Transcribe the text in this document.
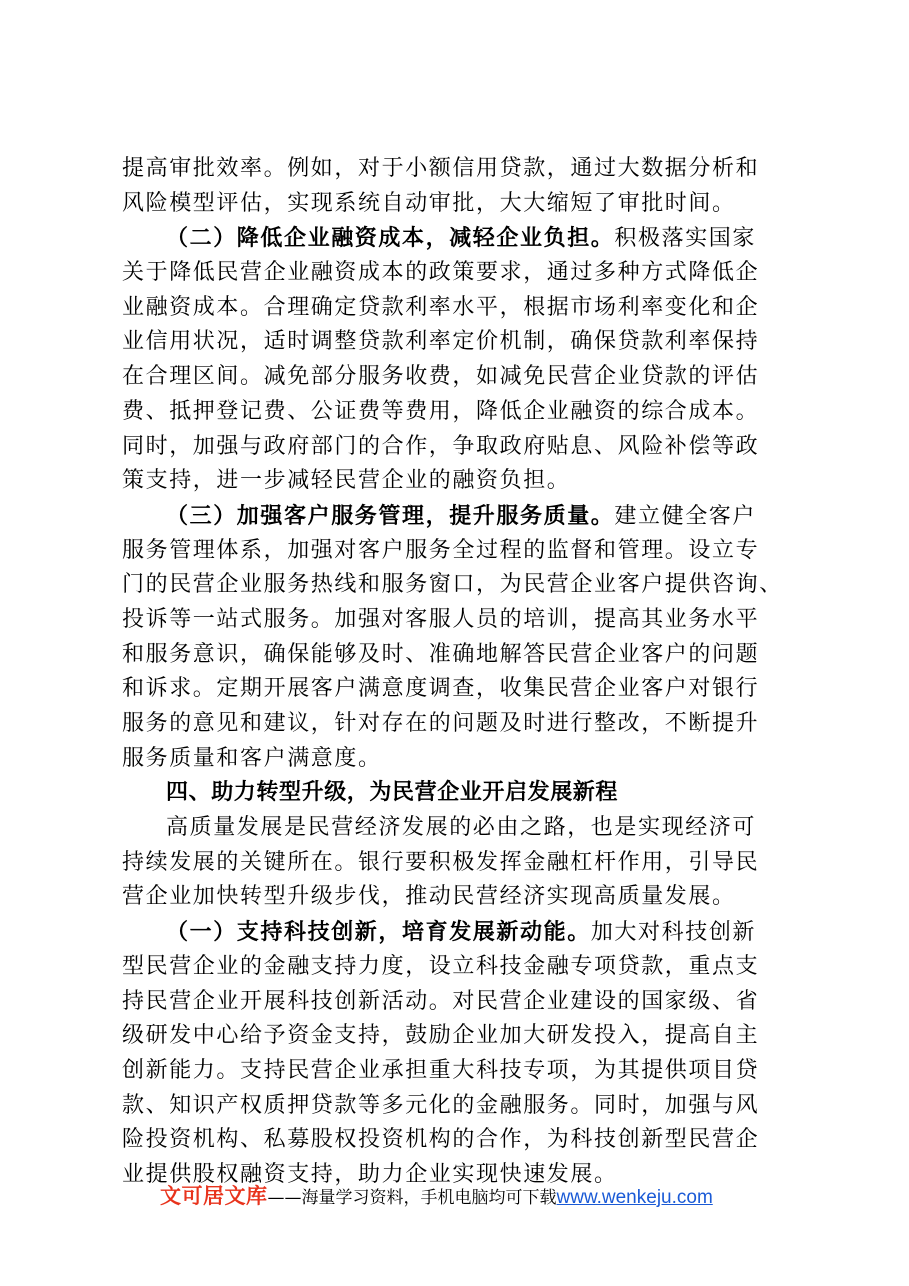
提高审批效率。例如，对于小额信用贷款，通过大数据分析和
风险模型评估，实现系统自动审批，大大缩短了审批时间。
（二）降低企业融资成本，减轻企业负担。积极落实国家
关于降低民营企业融资成本的政策要求，通过多种方式降低企
业融资成本。合理确定贷款利率水平，根据市场利率变化和企
业信用状况，适时调整贷款利率定价机制，确保贷款利率保持
在合理区间。减免部分服务收费，如减免民营企业贷款的评估
费、抵押登记费、公证费等费用，降低企业融资的综合成本。
同时，加强与政府部门的合作，争取政府贴息、风险补偿等政
策支持，进一步减轻民营企业的融资负担。
（三）加强客户服务管理，提升服务质量。建立健全客户
服务管理体系，加强对客户服务全过程的监督和管理。设立专
门的民营企业服务热线和服务窗口，为民营企业客户提供咨询、
投诉等一站式服务。加强对客服人员的培训，提高其业务水平
和服务意识，确保能够及时、准确地解答民营企业客户的问题
和诉求。定期开展客户满意度调查，收集民营企业客户对银行
服务的意见和建议，针对存在的问题及时进行整改，不断提升
服务质量和客户满意度。
四、助力转型升级，为民营企业开启发展新程
高质量发展是民营经济发展的必由之路，也是实现经济可
持续发展的关键所在。银行要积极发挥金融杠杆作用，引导民
营企业加快转型升级步伐，推动民营经济实现高质量发展。
（一）支持科技创新，培育发展新动能。加大对科技创新
型民营企业的金融支持力度，设立科技金融专项贷款，重点支
持民营企业开展科技创新活动。对民营企业建设的国家级、省
级研发中心给予资金支持，鼓励企业加大研发投入，提高自主
创新能力。支持民营企业承担重大科技专项，为其提供项目贷
款、知识产权质押贷款等多元化的金融服务。同时，加强与风
险投资机构、私募股权投资机构的合作，为科技创新型民营企
业提供股权融资支持，助力企业实现快速发展。
文可居文库——海量学习资料，手机电脑均可下载www.wenkeju.com
